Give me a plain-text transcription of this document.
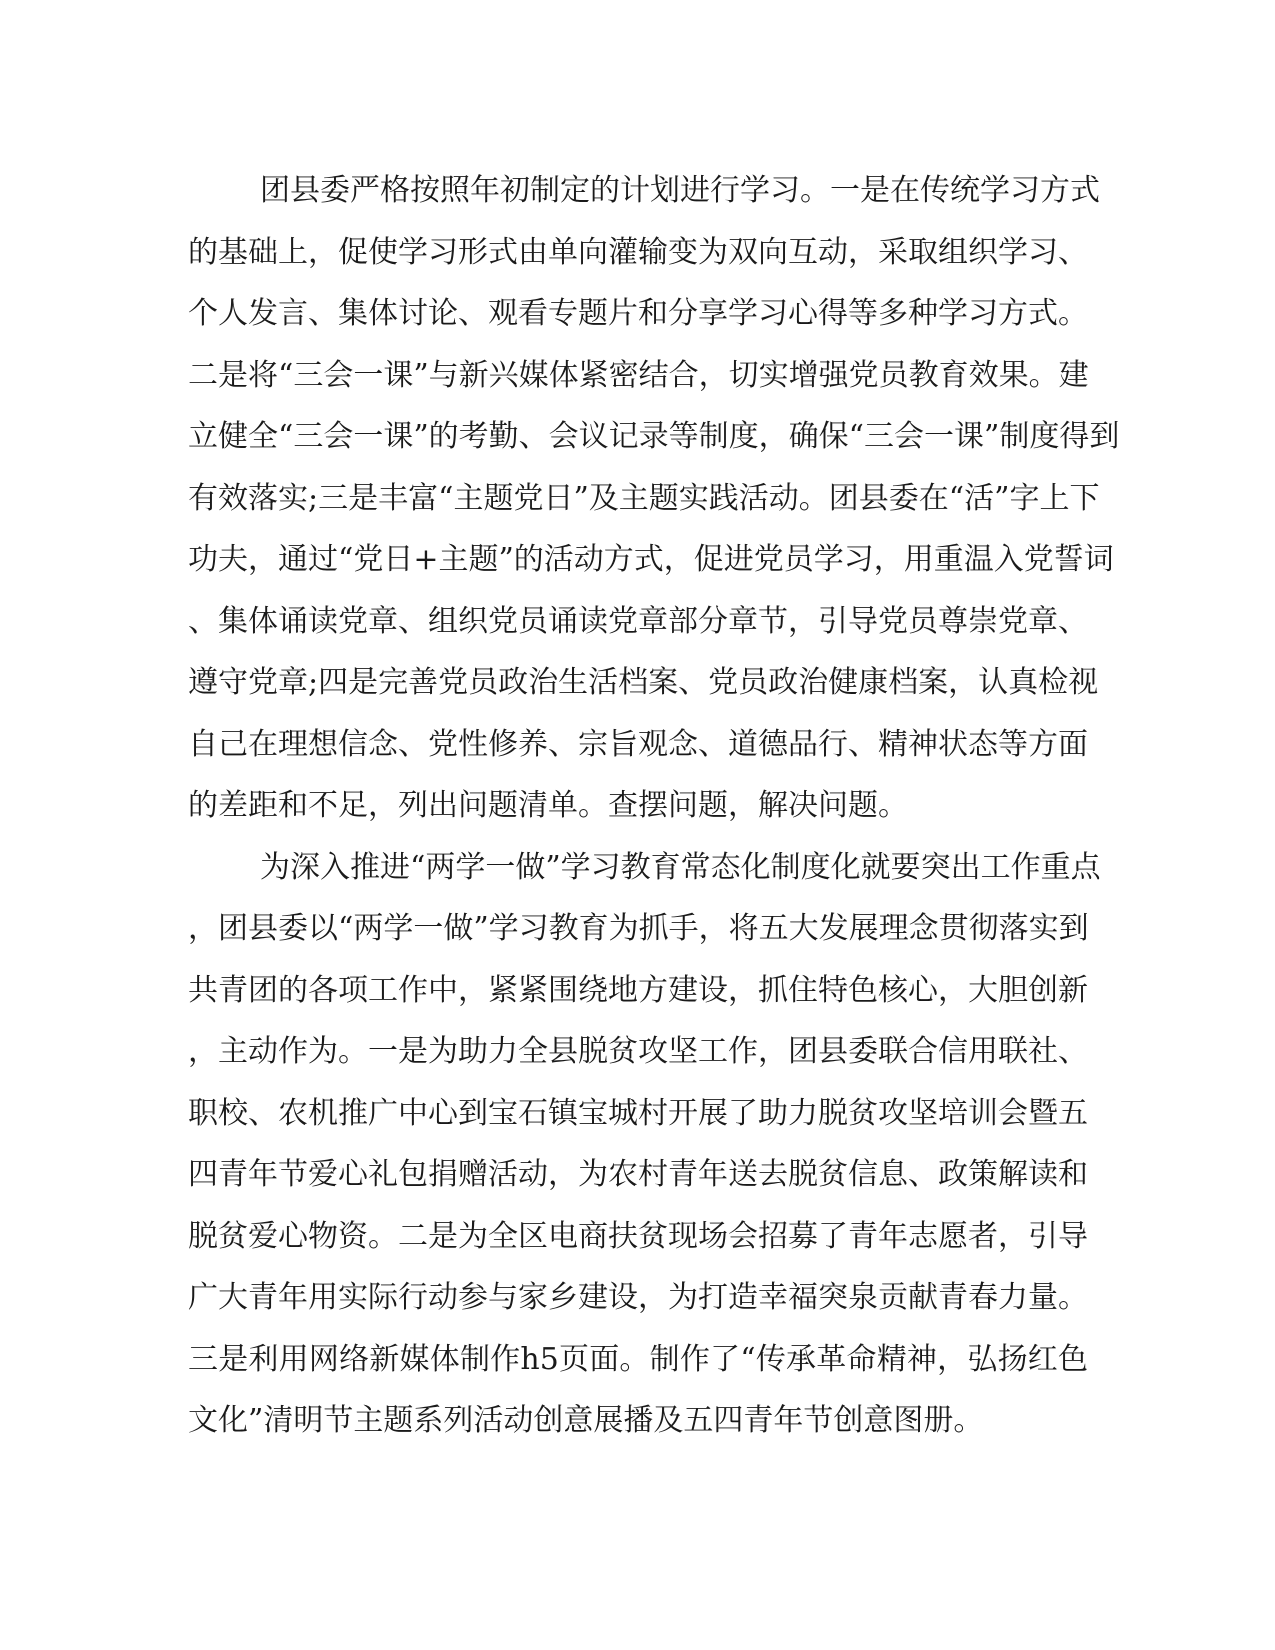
团县委严格按照年初制定的计划进行学习。一是在传统学习方式
的基础上，促使学习形式由单向灌输变为双向互动，采取组织学习、
个人发言、集体讨论、观看专题片和分享学习心得等多种学习方式。
二是将“三会一课”与新兴媒体紧密结合，切实增强党员教育效果。建
立健全“三会一课”的考勤、会议记录等制度，确保“三会一课”制度得到
有效落实;三是丰富“主题党日”及主题实践活动。团县委在“活”字上下
功夫，通过“党日+主题”的活动方式，促进党员学习，用重温入党誓词
、集体诵读党章、组织党员诵读党章部分章节，引导党员尊崇党章、
遵守党章;四是完善党员政治生活档案、党员政治健康档案，认真检视
自己在理想信念、党性修养、宗旨观念、道德品行、精神状态等方面
的差距和不足，列出问题清单。查摆问题，解决问题。
为深入推进“两学一做”学习教育常态化制度化就要突出工作重点
，团县委以“两学一做”学习教育为抓手，将五大发展理念贯彻落实到
共青团的各项工作中，紧紧围绕地方建设，抓住特色核心，大胆创新
，主动作为。一是为助力全县脱贫攻坚工作，团县委联合信用联社、
职校、农机推广中心到宝石镇宝城村开展了助力脱贫攻坚培训会暨五
四青年节爱心礼包捐赠活动，为农村青年送去脱贫信息、政策解读和
脱贫爱心物资。二是为全区电商扶贫现场会招募了青年志愿者，引导
广大青年用实际行动参与家乡建设，为打造幸福突泉贡献青春力量。
三是利用网络新媒体制作h5页面。制作了“传承革命精神，弘扬红色
文化”清明节主题系列活动创意展播及五四青年节创意图册。
